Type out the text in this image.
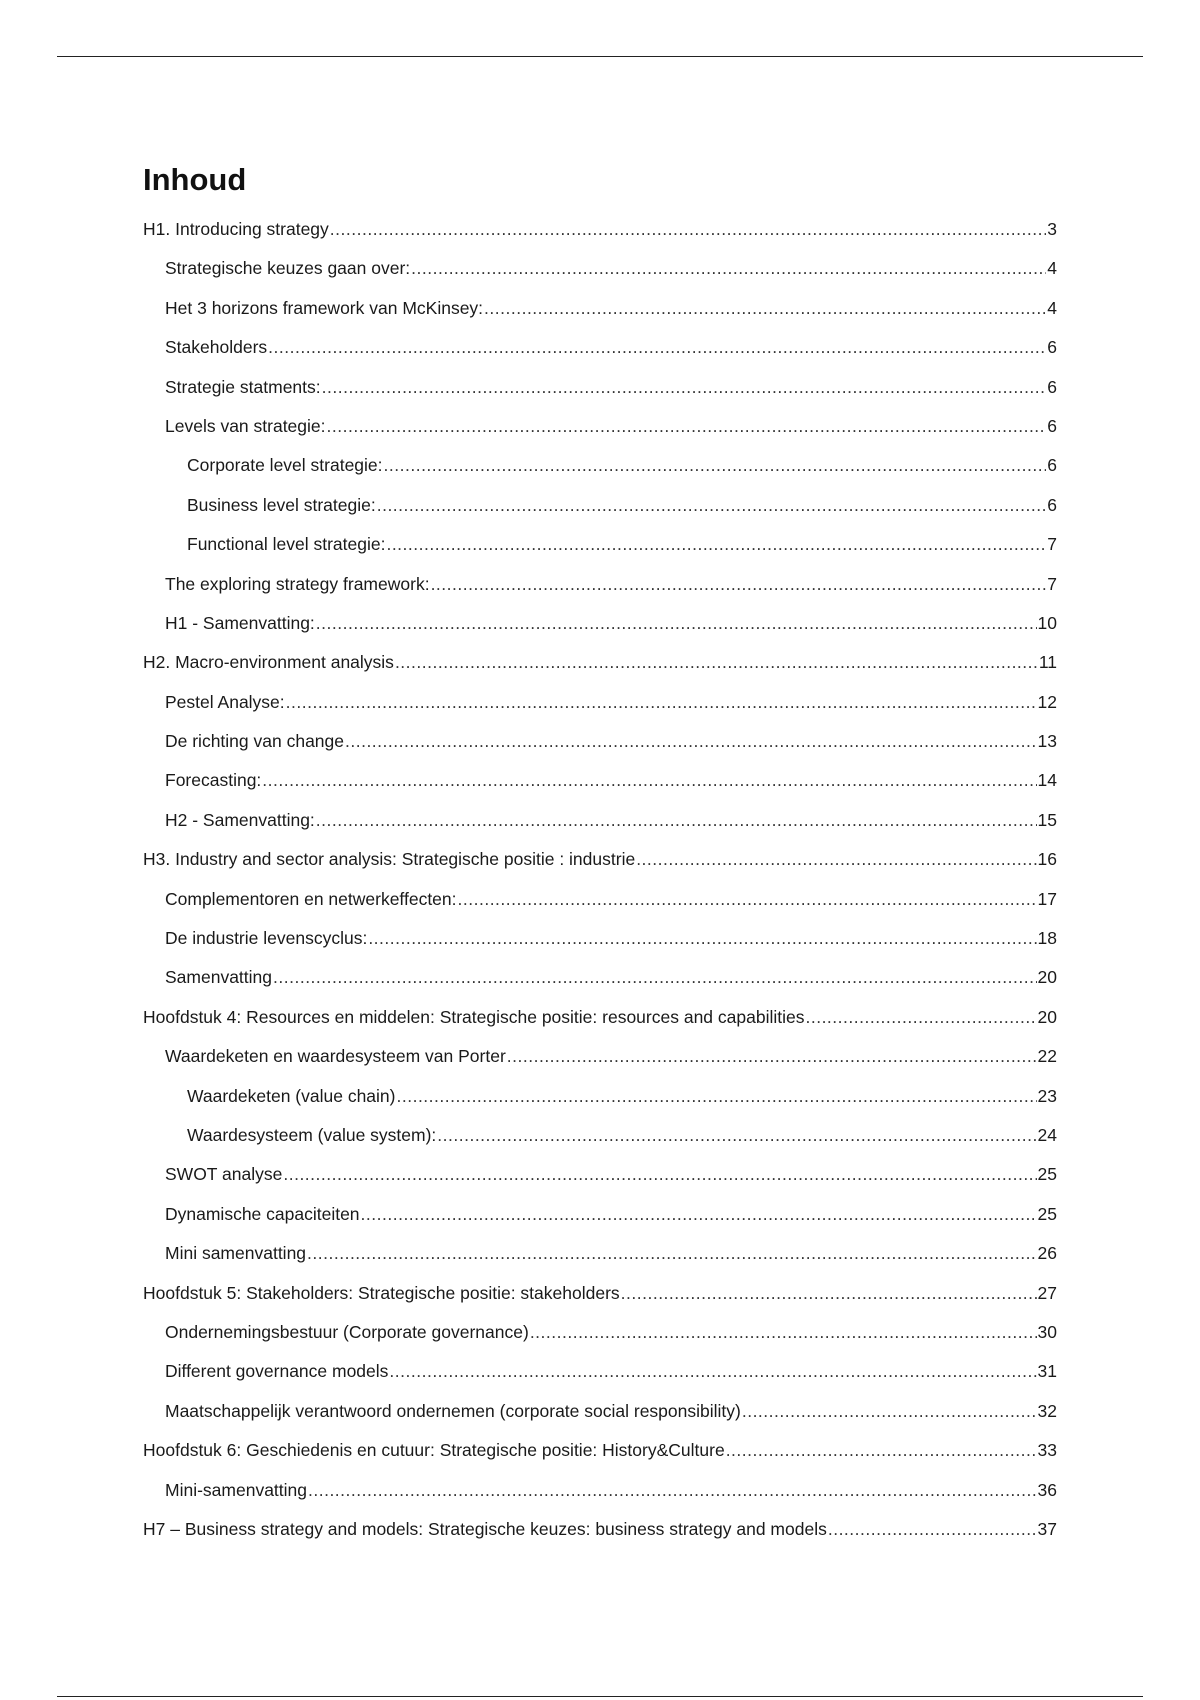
Inhoud
H1. Introducing strategy .....	3
Strategische keuzes gaan over: .....	4
Het 3 horizons framework van McKinsey: .....	4
Stakeholders .....	6
Strategie statments: .....	6
Levels van strategie: .....	6
Corporate level strategie: .....	6
Business level strategie: .....	6
Functional level strategie: .....	7
The exploring strategy framework: .....	7
H1 - Samenvatting: .....	10
H2. Macro-environment analysis .....	11
Pestel Analyse: .....	12
De richting van change .....	13
Forecasting: .....	14
H2 - Samenvatting: .....	15
H3. Industry and sector analysis: Strategische positie : industrie .....	16
Complementoren en netwerkeffecten: .....	17
De industrie levenscyclus: .....	18
Samenvatting .....	20
Hoofdstuk 4: Resources en middelen: Strategische positie: resources and capabilities .....	20
Waardeketen en waardesysteem van Porter .....	22
Waardeketen (value chain) .....	23
Waardesysteem (value system): .....	24
SWOT analyse .....	25
Dynamische capaciteiten .....	25
Mini samenvatting .....	26
Hoofdstuk 5: Stakeholders: Strategische positie: stakeholders .....	27
Ondernemingsbestuur (Corporate governance) .....	30
Different governance models .....	31
Maatschappelijk verantwoord ondernemen (corporate social responsibility) .....	32
Hoofdstuk 6: Geschiedenis en cutuur: Strategische positie: History&Culture .....	33
Mini-samenvatting .....	36
H7 – Business strategy and models: Strategische keuzes: business strategy and models .....	37
